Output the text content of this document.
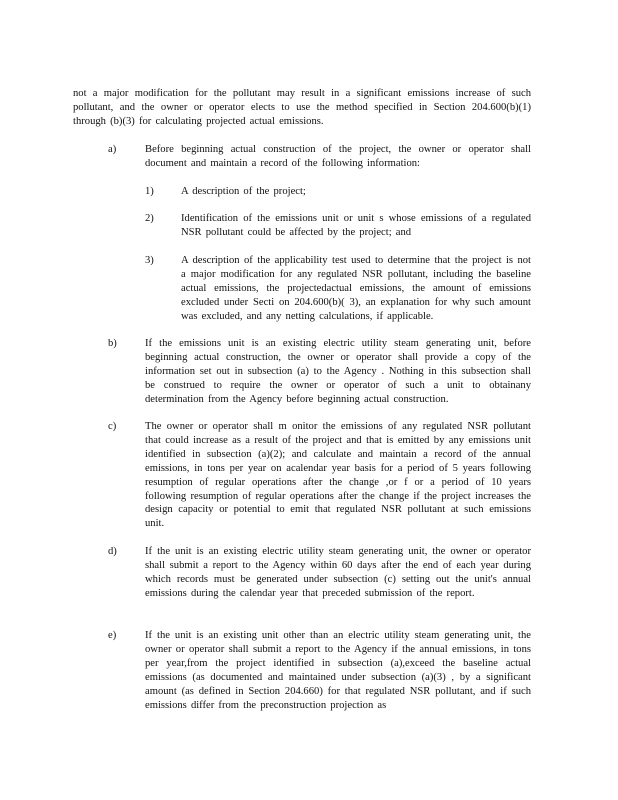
not a major modification for the pollutant may result in a significant emissions increase of such pollutant, and the owner or operator elects to use the method specified in Section 204.600(b)(1) through (b)(3) for calculating projected actual emissions.

a)	Before beginning actual construction of the project, the owner or operator shall document and maintain a record of the following information:

1)	A description of the project;

2)	Identification of the emissions unit or unit s whose emissions of a regulated NSR pollutant could be affected by the project; and

3)	A description of the applicability test used to determine that the project is not a major modification for any regulated NSR pollutant, including the baseline actual emissions, the projectedactual emissions, the amount of emissions excluded under Secti on 204.600(b)( 3), an explanation for why such amount was excluded, and any netting calculations, if applicable.

b)	If the emissions unit is an existing electric utility steam generating unit, before beginning actual construction, the owner or operator shall provide a copy of the information set out in subsection (a) to the Agency . Nothing in this subsection shall be construed to require the owner or operator of such a unit to obtainany determination from the Agency before beginning actual construction.

c)	The owner or operator shall m onitor the emissions of any regulated NSR pollutant that could increase as a result of the project and that is emitted by any emissions unit identified in subsection (a)(2); and calculate and maintain a record of the annual emissions, in tons per year on acalendar year basis for a period of 5 years following resumption of regular operations after the change ,or f or a period of 10 years following resumption of regular operations after the change if the project increases the design capacity or potential to emit that regulated NSR pollutant at such emissions unit.

d)	If the unit is an existing electric utility steam generating unit, the owner or operator shall submit a report to the Agency within 60 days after the end of each year during which records must be generated under subsection (c) setting out the unit's annual emissions during the calendar year that preceded submission of the report.

e)	If the unit is an existing unit other than an electric utility steam generating unit, the owner or operator shall submit a report to the Agency if the annual emissions, in tons per year,from the project identified in subsection (a),exceed the baseline actual emissions (as documented and maintained under subsection (a)(3) , by a significant amount (as defined in Section 204.660) for that regulated NSR pollutant, and if such emissions differ from the preconstruction projection as
